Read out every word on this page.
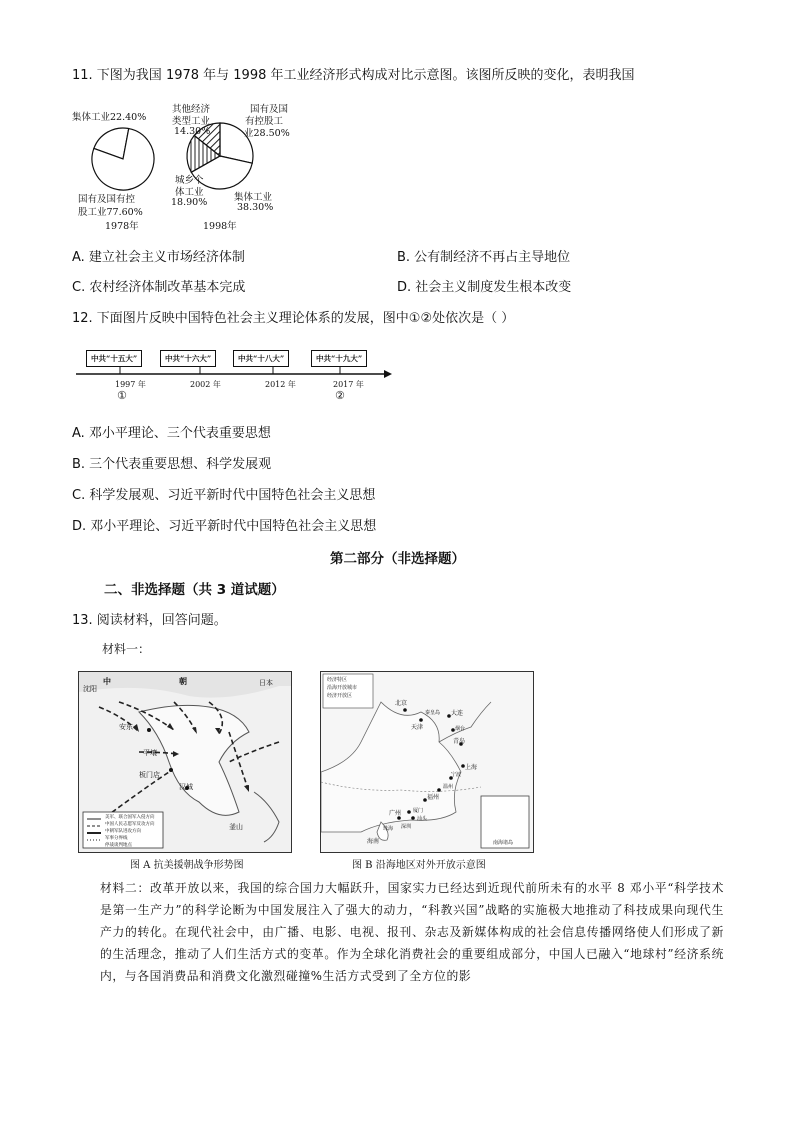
11. 下图为我国 1978 年与 1998 年工业经济形式构成对比示意图。该图所反映的变化，表明我国
集体工业22.40%
国有及国有控
股工业77.60%
1978年
其他经济
类型工业
14.30%
国有及国
有控股工
业28.50%
城乡个
体工业
18.90%	集体工业
38.30%
1998年
A. 建立社会主义市场经济体制	B. 公有制经济不再占主导地位
C. 农村经济体制改革基本完成	D. 社会主义制度发生根本改变
12. 下面图片反映中国特色社会主义理论体系的发展，图中①②处依次是（ ）
中共“十五大”	中共“十六大”	中共“十八大”	中共“十九大”
1997 年	2002 年	2012 年	2017 年
①	②
A. 邓小平理论、三个代表重要思想
B. 三个代表重要思想、科学发展观
C. 科学发展观、习近平新时代中国特色社会主义思想
D. 邓小平理论、习近平新时代中国特色社会主义思想
第二部分（非选择题）
二、非选择题（共 3 道试题）
13. 阅读材料，回答问题。
材料一：
沈阳
中	朝
安东
平壤
板门店
汉城
釜山
日本
美军、联合国军入侵方向
中国人民志愿军反攻方向
中朝军队进攻方向
军事分界线
停战谈判地点
图 A 抗美援朝战争形势图
经济特区
沿海开放城市
经济开放区
北京
天津
大连
秦皇岛
烟台
青岛
上海
宁波
温州
福州
厦门
汕头
广州
深圳
珠海
海南	南海诸岛
图 B 沿海地区对外开放示意图
材料二：改革开放以来，我国的综合国力大幅跃升，国家实力已经达到近现代前所未有的水平 8 邓小平“科学技术是第一生产力”的科学论断为中国发展注入了强大的动力，“科教兴国”战略的实施极大地推动了科技成果向现代生产力的转化。在现代社会中，由广播、电影、电视、报刊、杂志及新媒体构成的社会信息传播网络使人们形成了新的生活理念，推动了人们生活方式的变革。作为全球化消费社会的重要组成部分，中国人已融入“地球村”经济系统内，与各国消费品和消费文化激烈碰撞%生活方式受到了全方位的影
